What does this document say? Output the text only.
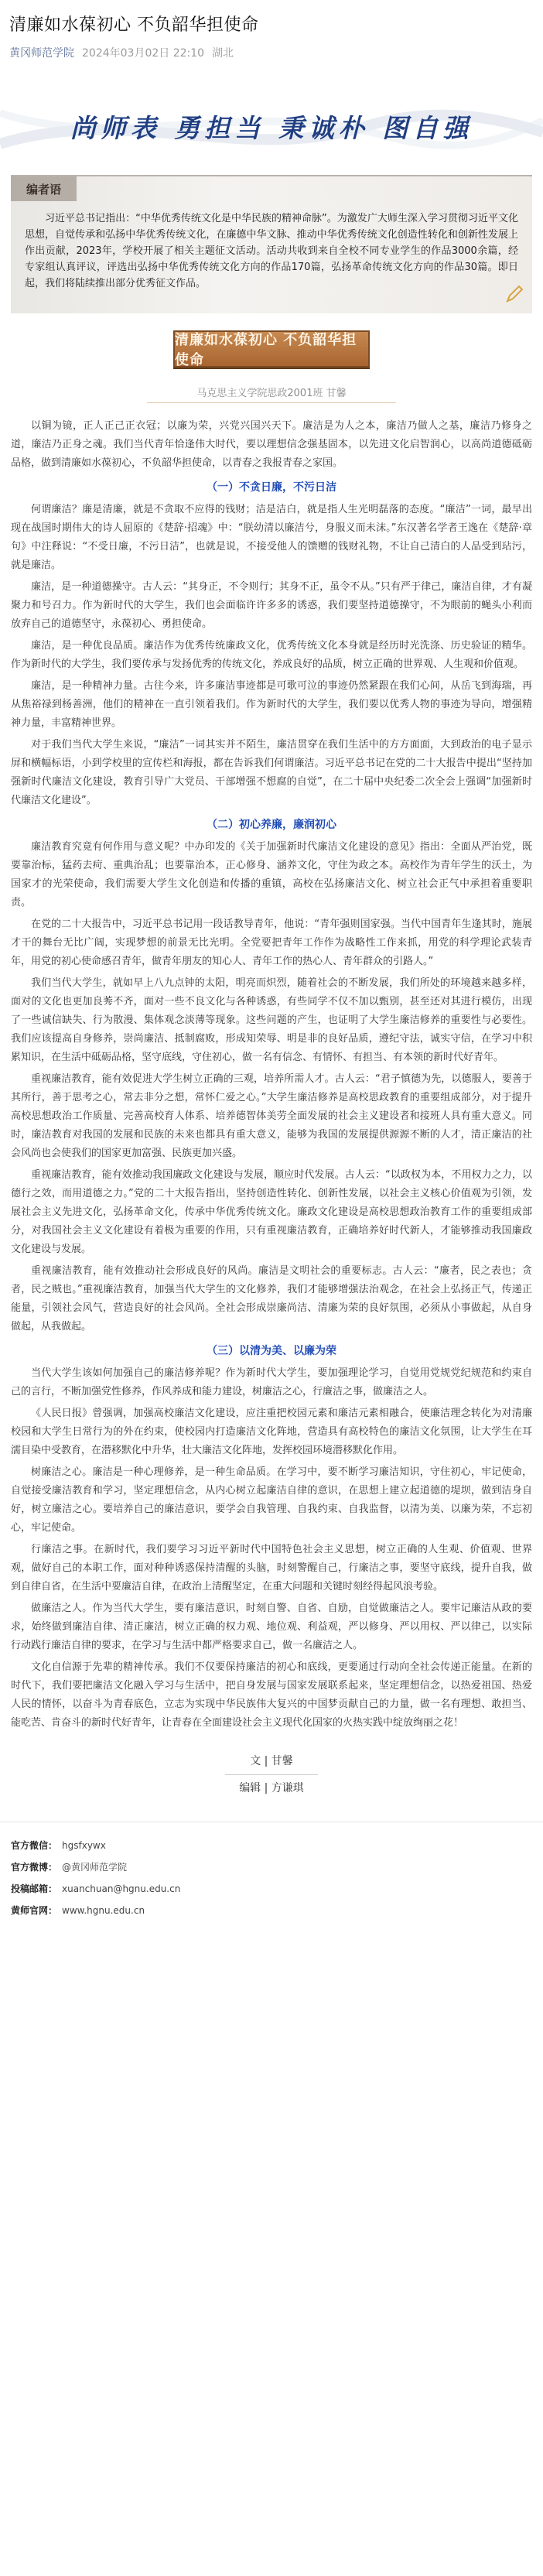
清廉如水葆初心 不负韶华担使命
黄冈师范学院 2024年03月02日 22:10 湖北
尚师表 勇担当 秉诚朴 图自强
编者语
习近平总书记指出：“中华优秀传统文化是中华民族的精神命脉”。为激发广大师生深入学习贯彻习近平文化思想，自觉传承和弘扬中华优秀传统文化，在廉德中华文脉、推动中华优秀传统文化创造性转化和创新性发展上作出贡献，2023年，学校开展了相关主题征文活动。活动共收到来自全校不同专业学生的作品3000余篇，经专家组认真评议，评选出弘扬中华优秀传统文化方向的作品170篇，弘扬革命传统文化方向的作品30篇。即日起，我们将陆续推出部分优秀征文作品。
清廉如水葆初心 不负韶华担使命
马克思主义学院思政2001班 甘馨

以铜为镜，正人正己正衣冠；以廉为荣，兴党兴国兴天下。廉洁是为人之本，廉洁乃做人之基，廉洁乃修身之道，廉洁乃正身之魂。我们当代青年恰逢伟大时代，要以理想信念强基固本，以先进文化启智润心，以高尚道德砥砺品格，做到清廉如水葆初心，不负韶华担使命，以青春之我报青春之家国。

（一）不贪日廉，不污日洁

何谓廉洁？廉是清廉，就是不贪取不应得的钱财；洁是洁白，就是指人生光明磊落的态度。“廉洁”一词，最早出现在战国时期伟大的诗人屈原的《楚辞·招魂》中：“朕幼清以廉洁兮，身服义而未沫。”东汉著名学者王逸在《楚辞·章句》中注释说：“不受日廉，不污日洁”，也就是说，不接受他人的馈赠的钱财礼物，不让自己清白的人品受到玷污，就是廉洁。

廉洁，是一种道德操守。古人云：“其身正，不令则行；其身不正，虽令不从。”只有严于律己，廉洁自律，才有凝聚力和号召力。作为新时代的大学生，我们也会面临许许多多的诱惑，我们要坚持道德操守，不为眼前的蝇头小利而放弃自己的道德坚守，永葆初心、勇担使命。

廉洁，是一种优良品质。廉洁作为优秀传统廉政文化，优秀传统文化本身就是经历时光洗涤、历史验证的精华。作为新时代的大学生，我们要传承与发扬优秀的传统文化，养成良好的品质，树立正确的世界观、人生观和价值观。

廉洁，是一种精神力量。古往今来，许多廉洁事迹都是可歌可泣的事迹仍然紧跟在我们心间，从岳飞到海瑞，再从焦裕禄到杨善洲，他们的精神在一直引领着我们。作为新时代的大学生，我们要以优秀人物的事迹为导向，增强精神力量，丰富精神世界。

对于我们当代大学生来说，“廉洁”一词其实并不陌生，廉洁贯穿在我们生活中的方方面面，大到政治的电子显示屏和横幅标语，小到学校里的宣传栏和海报，都在告诉我们何谓廉洁。习近平总书记在党的二十大报告中提出“坚持加强新时代廉洁文化建设，教育引导广大党员、干部增强不想腐的自觉”，在二十届中央纪委二次全会上强调“加强新时代廉洁文化建设”。

（二）初心养廉，廉润初心

廉洁教育究竟有何作用与意义呢？中办印发的《关于加强新时代廉洁文化建设的意见》指出：全面从严治党，既要靠治标，猛药去疴、重典治乱；也要靠治本，正心修身、涵养文化，守住为政之本。高校作为青年学生的沃土，为国家才的光荣使命，我们需要大学生文化创造和传播的重镇，高校在弘扬廉洁文化、树立社会正气中承担着重要职责。

在党的二十大报告中，习近平总书记用一段话教导青年，他说：“青年强则国家强。当代中国青年生逢其时，施展才干的舞台无比广阔，实现梦想的前景无比光明。全党要把青年工作作为战略性工作来抓，用党的科学理论武装青年，用党的初心使命感召青年，做青年朋友的知心人、青年工作的热心人、青年群众的引路人。”

我们当代大学生，就如早上八九点钟的太阳，明亮而炽烈，随着社会的不断发展，我们所处的环境越来越多样，面对的文化也更加良莠不齐，面对一些不良文化与各种诱惑，有些同学不仅不加以甄别，甚至还对其进行模仿，出现了一些诚信缺失、行为散漫、集体观念淡薄等现象。这些问题的产生，也证明了大学生廉洁修养的重要性与必要性。我们应该提高自身修养，崇尚廉洁、抵制腐败，形成知荣辱、明是非的良好品质，遵纪守法，诚实守信，在学习中积累知识，在生活中砥砺品格，坚守底线，守住初心，做一名有信念、有情怀、有担当、有本领的新时代好青年。

重视廉洁教育，能有效促进大学生树立正确的三观，培养所需人才。古人云：“君子慎德为先，以德服人，要善于其所行，善于思考之心，常去非分之想，常怀仁爱之心。”大学生廉洁修养是高校思政教育的重要组成部分，对于提升高校思想政治工作质量、完善高校育人体系、培养德智体美劳全面发展的社会主义建设者和接班人具有重大意义。同时，廉洁教育对我国的发展和民族的未来也都具有重大意义，能够为我国的发展提供源源不断的人才，清正廉洁的社会风尚也会使我们的国家更加富强、民族更加兴盛。

重视廉洁教育，能有效推动我国廉政文化建设与发展，顺应时代发展。古人云：“以政权为本，不用权力之力，以德行之效，而用道德之力。”党的二十大报告指出，坚持创造性转化、创新性发展，以社会主义核心价值观为引领，发展社会主义先进文化，弘扬革命文化，传承中华优秀传统文化。廉政文化建设是高校思想政治教育工作的重要组成部分，对我国社会主义文化建设有着极为重要的作用，只有重视廉洁教育，正确培养好时代新人，才能够推动我国廉政文化建设与发展。

重视廉洁教育，能有效推动社会形成良好的风尚。廉洁是文明社会的重要标志。古人云：“廉者，民之表也；贪者，民之贼也。”重视廉洁教育，加强当代大学生的文化修养，我们才能够增强法治观念，在社会上弘扬正气，传递正能量，引领社会风气，营造良好的社会风尚。全社会形成崇廉尚洁、清廉为荣的良好氛围，必须从小事做起，从自身做起，从我做起。

（三）以清为美、以廉为荣

当代大学生该如何加强自己的廉洁修养呢？作为新时代大学生，要加强理论学习，自觉用党规党纪规范和约束自己的言行，不断加强党性修养，作风养成和能力建设，树廉洁之心，行廉洁之事，做廉洁之人。

《人民日报》曾强调，加强高校廉洁文化建设，应注重把校园元素和廉洁元素相融合，使廉洁理念转化为对清廉校园和大学生日常行为的外在约束，使校园内打造廉洁文化阵地，营造具有高校特色的廉洁文化氛围，让大学生在耳濡目染中受教育，在潜移默化中升华，壮大廉洁文化阵地，发挥校园环境潜移默化作用。

树廉洁之心。廉洁是一种心理修养，是一种生命品质。在学习中，要不断学习廉洁知识，守住初心，牢记使命，自觉接受廉洁教育和学习，坚定理想信念，从内心树立起廉洁自律的意识，在思想上建立起道德的堤坝，做到洁身自好，树立廉洁之心。要培养自己的廉洁意识，要学会自我管理、自我约束、自我监督，以清为美、以廉为荣，不忘初心，牢记使命。

行廉洁之事。在新时代，我们要学习习近平新时代中国特色社会主义思想，树立正确的人生观、价值观、世界观，做好自己的本职工作，面对种种诱惑保持清醒的头脑，时刻警醒自己，行廉洁之事，要坚守底线，提升自我，做到自律自省，在生活中要廉洁自律，在政治上清醒坚定，在重大问题和关键时刻经得起风浪考验。

做廉洁之人。作为当代大学生，要有廉洁意识，时刻自警、自省、自励，自觉做廉洁之人。要牢记廉洁从政的要求，始终做到廉洁自律、清正廉洁，树立正确的权力观、地位观、利益观，严以修身、严以用权、严以律己，以实际行动践行廉洁自律的要求，在学习与生活中都严格要求自己，做一名廉洁之人。

文化自信源于先辈的精神传承。我们不仅要保持廉洁的初心和底线，更要通过行动向全社会传递正能量。在新的时代下，我们要把廉洁文化融入学习与生活中，把自身发展与国家发展联系起来，坚定理想信念，以热爱祖国、热爱人民的情怀，以奋斗为青春底色，立志为实现中华民族伟大复兴的中国梦贡献自己的力量，做一名有理想、敢担当、能吃苦、肯奋斗的新时代好青年，让青春在全面建设社会主义现代化国家的火热实践中绽放绚丽之花！

文 | 甘馨
编辑 | 方谦琪
官方微信： hgsfxywx
官方微博： @黄冈师范学院
投稿邮箱： xuanchuan@hgnu.edu.cn
黄师官网： www.hgnu.edu.cn
